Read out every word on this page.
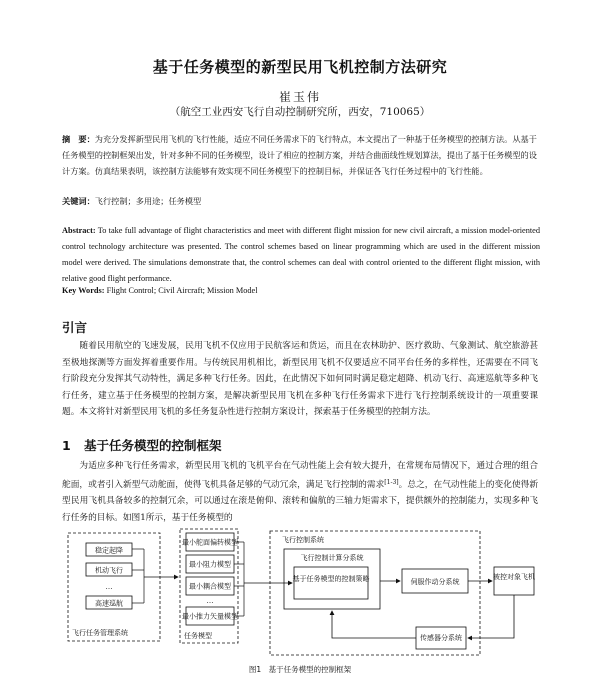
基于任务模型的新型民用飞机控制方法研究
崔玉伟
（航空工业西安飞行自动控制研究所，西安，710065）
摘　要：为充分发挥新型民用飞机的飞行性能，适应不同任务需求下的飞行特点，本文提出了一种基于任务模型的控制方法。从基于任务模型的控制框架出发，针对多种不同的任务模型，设计了相应的控制方案，并结合曲面线性规划算法，提出了基于任务模型的设计方案。仿真结果表明，该控制方法能够有效实现不同任务模型下的控制目标，并保证各飞行任务过程中的飞行性能。
关键词：飞行控制；多用途；任务模型
Abstract: To take full advantage of flight characteristics and meet with different flight mission for new civil aircraft, a mission model-oriented control technology architecture was presented. The control schemes based on linear programming which are used in the different mission model were derived. The simulations demonstrate that, the control schemes can deal with control oriented to the different flight mission, with relative good flight performance.
Key Words: Flight Control; Civil Aircraft; Mission Model
引言

随着民用航空的飞速发展，民用飞机不仅应用于民航客运和货运，而且在农林助护、医疗救助、气象测试、航空旅游甚至极地探测等方面发挥着重要作用。与传统民用机相比，新型民用飞机不仅要适应不同平台任务的多样性，还需要在不同飞行阶段充分发挥其气动特性，满足多种飞行任务。因此，在此情况下如何同时满足稳定超降、机动飞行、高速巡航等多种飞行任务，建立基于任务模型的控制方案，是解决新型民用飞机在多种飞行任务需求下进行飞行控制系统设计的一项重要课题。本文将针对新型民用飞机的多任务复杂性进行控制方案设计，探索基于任务模型的控制方法。

1 基于任务模型的控制框架

为适应多种飞行任务需求，新型民用飞机的飞机平台在气动性能上会有较大提升，在常规布局情况下，通过合理的组合舵面，或者引入新型气动舵面，使得飞机具备足够的气动冗余，满足飞行控制的需求[1-3]。总之，在气动性能上的变化使得新型民用飞机具备较多的控制冗余，可以通过在滚是俯仰、滚转和偏航的三轴力矩需求下，提供额外的控制能力，实现多种飞行任务的目标。如图1所示，基于任务模型的

稳定起降
机动飞行
…
高速巡航
飞行任务管理系统
最小舵面偏转模型
最小阻力模型
最小耦合模型
…
最小推力矢量模型
任务模型
飞行控制系统
飞行控制计算分系统
基于任务模型的控制策略	伺服作动分系统
被控对象飞机
传感器分系统
图1　基于任务模型的控制框架
